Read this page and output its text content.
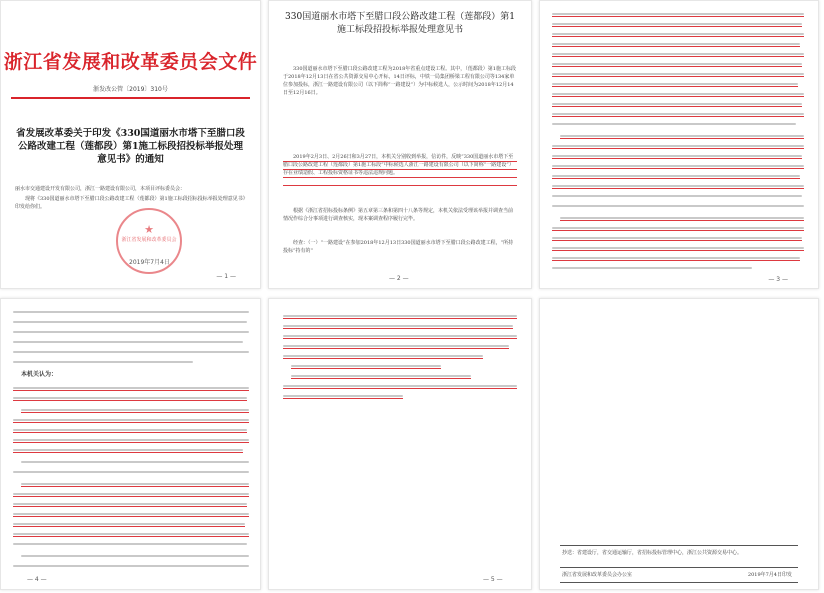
浙江省发展和改革委员会文件
浙发改公管〔2019〕310号
省发展改革委关于印发《330国道丽水市塔下至腊口段公路改建工程（莲都段）第1施工标段招投标举报处理意见书》的通知
丽水市交通建设开发有限公司，浙江一路建设有限公司，本项目评标委员会：
现将《330国道丽水市塔下至腊口段公路改建工程（莲都段）第1施工标段招标投标举报处理意见书》印发给你们。
★
浙江省发展和改革委员会
2019年7月4日
— 1 —
330国道丽水市塔下至腊口段公路改建工程（莲都段）第1施工标段招投标举报处理意见书
330国道丽水市塔下至腊口段公路改建工程为2018年省重点建设工程。其中，（莲都段）第1施工标段于2018年12月13日在省公共资源交易中心开标，14日评标，中铁一局集团桥梁工程有限公司等134家单位参加投标，浙江一路建设有限公司（以下简称“一路建设”）为中标候选人，公示时间为2018年12月14日至12月16日。
2019年2月3日、2月26日和3月27日，本机关分别收到举报，信访件，反映“330国道丽水市塔下至腊口段公路改建工程（莲都段）第1施工标段”中标候选人浙江一路建设有限公司（以下简称“一路建设”）存在业绩造假、工程投标资格证书等违法违规问题。
根据《浙江省招标投标条例》第五章第三条和第四十八条等规定，本机关依法受理该举报并调查当前情况作综合分事项进行调查核实，现本案调查程序履行完毕。
经查：（一）“一路建设”在参加2018年12月13日330国道丽水市塔下至腊口段公路改建工程，“所持投标”持有的“
— 2 —	— 3 —
本机关认为：
— 4 —	— 5 —
抄送：省建设厅，省交通运输厅，省招标投标管理中心，浙江公共资源交易中心。
浙江省发展和改革委员会办公室	2019年7月4日印发
